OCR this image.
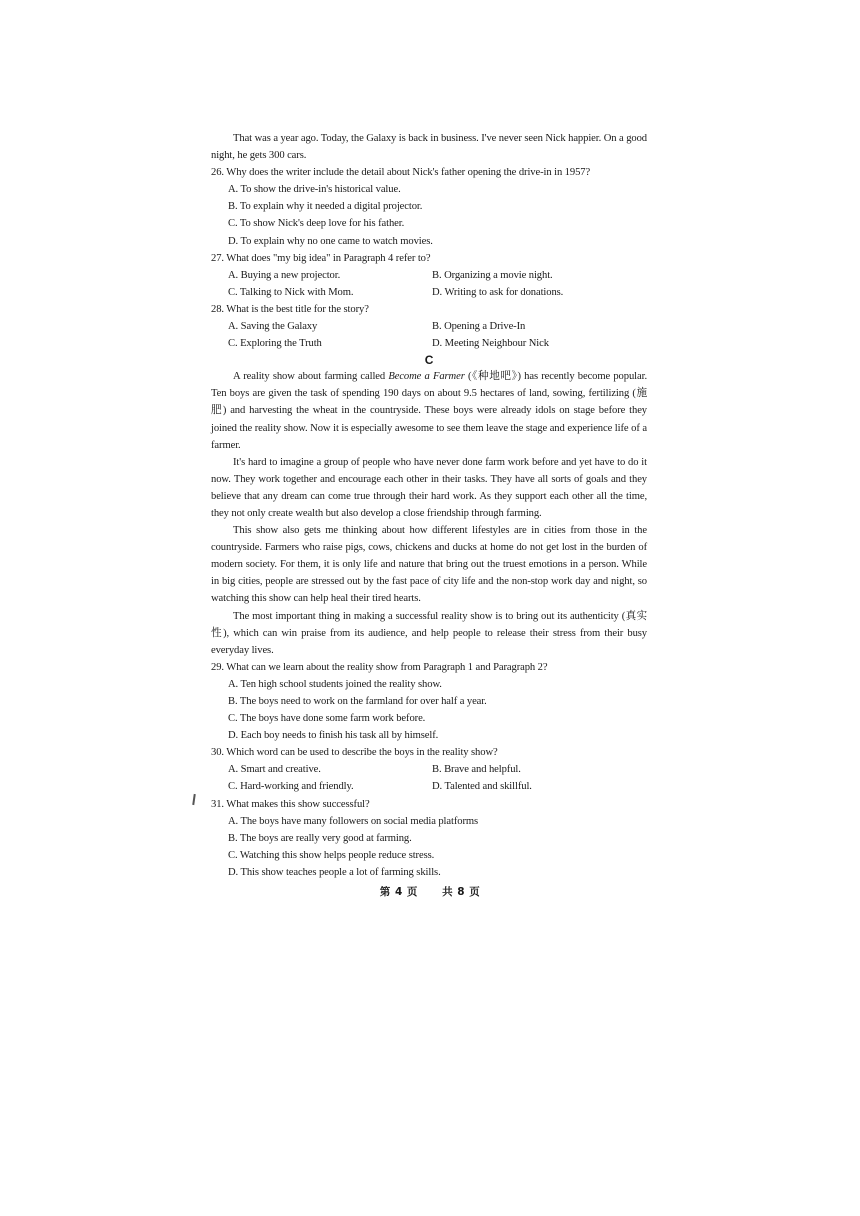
That was a year ago. Today, the Galaxy is back in business. I've never seen Nick happier. On a good night, he gets 300 cars.

26. Why does the writer include the detail about Nick's father opening the drive-in in 1957?

A. To show the drive-in's historical value.

B. To explain why it needed a digital projector.

C. To show Nick's deep love for his father.

D. To explain why no one came to watch movies.

27. What does "my big idea" in Paragraph 4 refer to?

A. Buying a new projector.	B. Organizing a movie night.
C. Talking to Nick with Mom.	D. Writing to ask for donations.

28. What is the best title for the story?

A. Saving the Galaxy	B. Opening a Drive-In
C. Exploring the Truth	D. Meeting Neighbour Nick

C

A reality show about farming called Become a Farmer (《种地吧》) has recently become popular. Ten boys are given the task of spending 190 days on about 9.5 hectares of land, sowing, fertilizing (施肥) and harvesting the wheat in the countryside. These boys were already idols on stage before they joined the reality show. Now it is especially awesome to see them leave the stage and experience life of a farmer.

It's hard to imagine a group of people who have never done farm work before and yet have to do it now. They work together and encourage each other in their tasks. They have all sorts of goals and they believe that any dream can come true through their hard work. As they support each other all the time, they not only create wealth but also develop a close friendship through farming.

This show also gets me thinking about how different lifestyles are in cities from those in the countryside. Farmers who raise pigs, cows, chickens and ducks at home do not get lost in the burden of modern society. For them, it is only life and nature that bring out the truest emotions in a person. While in big cities, people are stressed out by the fast pace of city life and the non-stop work day and night, so watching this show can help heal their tired hearts.

The most important thing in making a successful reality show is to bring out its authenticity (真实性), which can win praise from its audience, and help people to release their stress from their busy everyday lives.

29. What can we learn about the reality show from Paragraph 1 and Paragraph 2?

A. Ten high school students joined the reality show.

B. The boys need to work on the farmland for over half a year.

C. The boys have done some farm work before.

D. Each boy needs to finish his task all by himself.

30. Which word can be used to describe the boys in the reality show?

A. Smart and creative.	B. Brave and helpful.
C. Hard-working and friendly.	D. Talented and skillful.

31. What makes this show successful?

A. The boys have many followers on social media platforms

B. The boys are really very good at farming.

C. Watching this show helps people reduce stress.

D. This show teaches people a lot of farming skills.

第 4 页 共 8 页
